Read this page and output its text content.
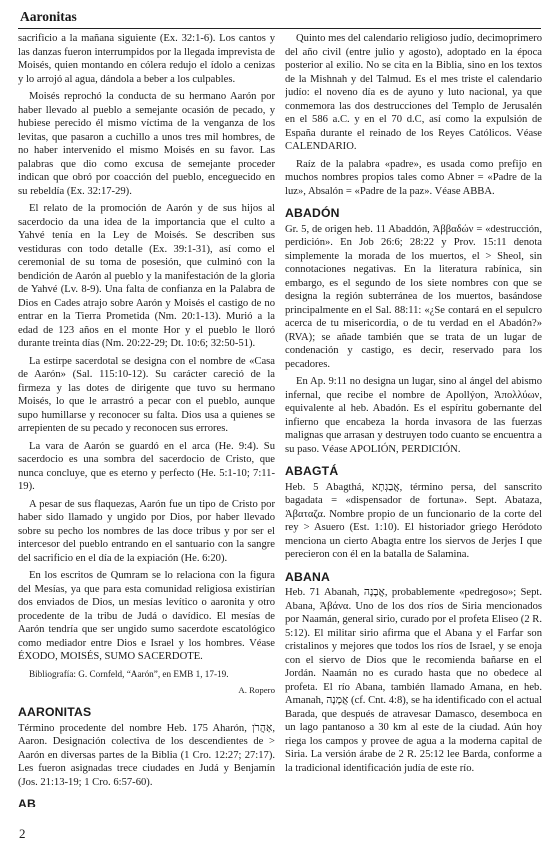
Aaronitas

sacrificio a la mañana siguiente (Ex. 32:1-6). Los cantos y las danzas fueron interrumpidos por la llegada imprevista de Moisés, quien montando en cólera redujo el ídolo a cenizas y lo arrojó al agua, dándola a beber a los culpables.

Moisés reprochó la conducta de su hermano Aarón por haber llevado al pueblo a semejante ocasión de pecado, y hubiese perecido él mismo víctima de la venganza de los levitas, que pasaron a cuchillo a unos tres mil hombres, de no haber intervenido el mismo Moisés en su favor. Las palabras que dio como excusa de semejante proceder indican que obró por coacción del pueblo, enceguecido en su rebeldía (Ex. 32:17-29).

El relato de la promoción de Aarón y de sus hijos al sacerdocio da una idea de la importancia que el culto a Yahvé tenía en la Ley de Moisés. Se describen sus vestiduras con todo detalle (Ex. 39:1-31), así como el ceremonial de su toma de posesión, que culminó con la bendición de Aarón al pueblo y la manifestación de la gloria de Yahvé (Lv. 8-9). Una falta de confianza en la Palabra de Dios en Cades atrajo sobre Aarón y Moisés el castigo de no entrar en la Tierra Prometida (Nm. 20:1-13). Murió a la edad de 123 años en el monte Hor y el pueblo le lloró durante treinta días (Nm. 20:22-29; Dt. 10:6; 32:50-51).

La estirpe sacerdotal se designa con el nombre de «Casa de Aarón» (Sal. 115:10-12). Su carácter careció de la firmeza y las dotes de dirigente que tuvo su hermano Moisés, lo que le arrastró a pecar con el pueblo, aunque supo humillarse y reconocer su falta. Dios usa a quienes se arrepienten de su pecado y reconocen sus errores.

La vara de Aarón se guardó en el arca (He. 9:4). Su sacerdocio es una sombra del sacerdocio de Cristo, que nunca concluye, que es eterno y perfecto (He. 5:1-10; 7:11-19).

A pesar de sus flaquezas, Aarón fue un tipo de Cristo por haber sido llamado y ungido por Dios, por haber llevado sobre su pecho los nombres de las doce tribus y por ser el intercesor del pueblo entrando en el santuario con la sangre del sacrificio en el día de la expiación (He. 6:20).

En los escritos de Qumram se lo relaciona con la figura del Mesías, ya que para esta comunidad religiosa existirían dos enviados de Dios, un mesías levítico o aaronita y otro procedente de la tribu de Judá o davídico. El mesías de Aarón tendría que ser ungido sumo sacerdote escatológico como mediador entre Dios e Israel y los hombres. Véase ÉXODO, MOISÉS, SUMO SACERDOTE.

Bibliografía: G. Cornfeld, “Aarón”, en EMB 1, 17-19.

A. Ropero
AARONITAS

Término procedente del nombre Heb. 175 Aharón, אַהֲרֹן, Aaron. Designación colectiva de los descendientes de > Aarón en diversas partes de la Biblia (1 Cro. 12:27; 27:17). Les fueron asignadas trece ciudades en Judá y Benjamín (Jos. 21:13-19; 1 Cro. 6:57-60).

AB

Quinto mes del calendario religioso judío, decimoprimero del año civil (entre julio y agosto), adoptado en la época posterior al exilio. No se cita en la Biblia, sino en los textos de la Mishnah y del Talmud. Es el mes triste el calendario judío: el noveno día es de ayuno y luto nacional, ya que conmemora las dos destrucciones del Templo de Jerusalén en el 586 a.C. y en el 70 d.C, así como la expulsión de España durante el reinado de los Reyes Católicos. Véase CALENDARIO.

Raíz de la palabra «padre», es usada como prefijo en muchos nombres propios tales como Abner = «Padre de la luz», Absalón = «Padre de la paz». Véase ABBA.

ABADÓN

Gr. 5, de origen heb. 11 Abaddón, Ἀββαδών = «destrucción, perdición». En Job 26:6; 28:22 y Prov. 15:11 denota simplemente la morada de los muertos, el > Sheol, sin connotaciones negativas. En la literatura rabínica, sin embargo, es el segundo de los siete nombres con que se designa la región subterránea de los muertos, basándose principalmente en el Sal. 88:11: «¿Se contará en el sepulcro acerca de tu misericordia, o de tu verdad en el Abadón?» (RVA); se añade también que se trata de un lugar de condenación y castigo, es decir, reservado para los pecadores.

En Ap. 9:11 no designa un lugar, sino al ángel del abismo infernal, que recibe el nombre de Apollýon, Ἀπολλύων, equivalente al heb. Abadón. Es el espíritu gobernante del infierno que encabeza la horda invasora de las fuerzas malignas que arrasan y destruyen todo cuanto se encuentra a su paso. Véase APOLIÓN, PERDICIÓN.

ABAGTÁ

Heb. 5 Abagthá, אֲבַגְתָא, término persa, del sanscrito bagadata = «dispensador de fortuna». Sept. Abataza, Ἀβαταζα. Nombre propio de un funcionario de la corte del rey > Asuero (Est. 1:10). El historiador griego Heródoto menciona un cierto Abagta entre los siervos de Jerjes I que perecieron con él en la batalla de Salamina.

ABANA

Heb. 71 Abanah, אֲבָנָה, probablemente «pedregoso»; Sept. Abana, Ἀβάνα. Uno de los dos ríos de Siria mencionados por Naamán, general sirio, curado por el profeta Eliseo (2 R. 5:12). El militar sirio afirma que el Abana y el Farfar son cristalinos y mejores que todos los ríos de Israel, y se enoja con el siervo de Dios que le recomienda bañarse en el Jordán. Naamán no es curado hasta que no obedece al profeta. El río Abana, también llamado Amana, en heb. Amanah, אֲמָנָה (cf. Cnt. 4:8), se ha identificado con el actual Barada, que después de atravesar Damasco, desemboca en un lago pantanoso a 30 km al este de la ciudad. Aún hoy riega los campos y provee de agua a la moderna capital de Siria. La versión árabe de 2 R. 25:12 lee Barda, conforme a la tradicional identificación judía de este río.

2
